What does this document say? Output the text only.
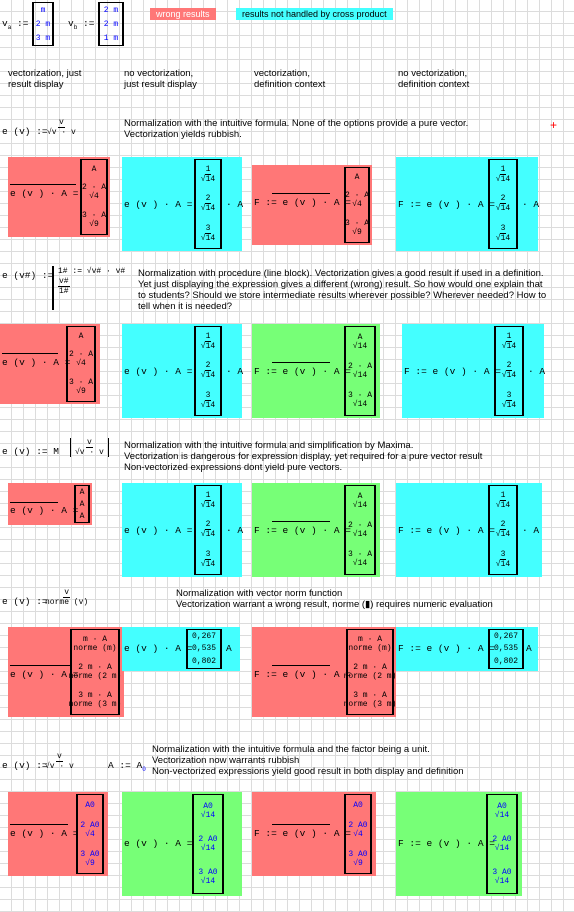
$v_a$ :=
m
2 m
3 m
$v_b$ :=
2 m
2 m
1 m
wrong results	results not handled by cross product
vectorization, just
result display
no vectorization,
just result display
vectorization,
definition context
no vectorization,
definition context
e (v) :=
$\frac{v}{√v \cdot v}$	Normalization with the intuitive formula. None of the options provide a pure vector.
Vectorization yields rubbish.
+
e (v ) · A =
A
2 · A
√4
3 · A
√9
e (v ) · A =
$\frac{1}{√14}$
$\frac{2}{√14}$
$\frac{3}{√14}$
· A F := e (v ) · A =
A
2 · A
√4
3 · A
√9
F := e (v ) · A =
$\frac{1}{√14}$
$\frac{2}{√14}$
$\frac{3}{√14}$
· A
e (v#) := 1# := √v# · v#
v#
1#
Normalization with procedure (line block). Vectorization gives a good result if used in a definition.
Yet just displaying the expression gives a different (wrong) result. So how would one explain that
to students? Should we store intermediate results wherever possible? Wherever needed? How to
tell when it is needed?
e (v ) · A =
A
2 · A
√4
3 · A
√9
e (v ) · A =
$\frac{1}{√14}$
$\frac{2}{√14}$
$\frac{3}{√14}$
· A F := e (v ) · A =
A
√14
2 · A
√14
3 · A
√14
F := e (v ) · A =
$\frac{1}{√14}$
$\frac{2}{√14}$
$\frac{3}{√14}$
· A
e (v) := M $\frac{v}{√v \cdot v}$ Normalization with the intuitive formula and simplification by Maxima.
Vectorization is dangerous for expression display, yet required for a pure vector result
Non-vectorized expressions dont yield pure vectors.
e (v ) · A =
A
A
A
e (v ) · A =
$\frac{1}{√14}$
$\frac{2}{√14}$
$\frac{3}{√14}$
· A F := e (v ) · A =
A
√14
2 · A
√14
3 · A
√14
F := e (v ) · A =
$\frac{1}{√14}$
$\frac{2}{√14}$
$\frac{3}{√14}$
· A
e (v) :=
v
norme (v)
Normalization with vector norm function
Vectorization warrant a wrong result, norme (▮) requires numeric evaluation
e (v ) · A =
m · A
norme (m)
2 m · A
norme (2 m)
3 m · A
norme (3 m)
e (v ) · A =
0,267
0,535
0,802
A
F := e (v ) · A =
m · A
norme (m)
2 m · A
norme (2 m)
3 m · A
norme (3 m)
F := e (v ) · A =
0,267
0,535
0,802
A
e (v) :=
$\frac{v}{√v \cdot v}$	A := $A_0$
Normalization with the intuitive formula and the factor being a unit.
Vectorization now warrants rubbish
Non-vectorized expressions yield good result in both display and definition
e (v ) · A =
A0
2 A0
√4
3 A0
√9
e (v ) · A =
A0
√14
2 A0
√14
3 A0
√14
F := e (v ) · A =
A0
2 A0
√4
3 A0
√9
F := e (v ) · A =
A0
√14
2 A0
√14
3 A0
√14
